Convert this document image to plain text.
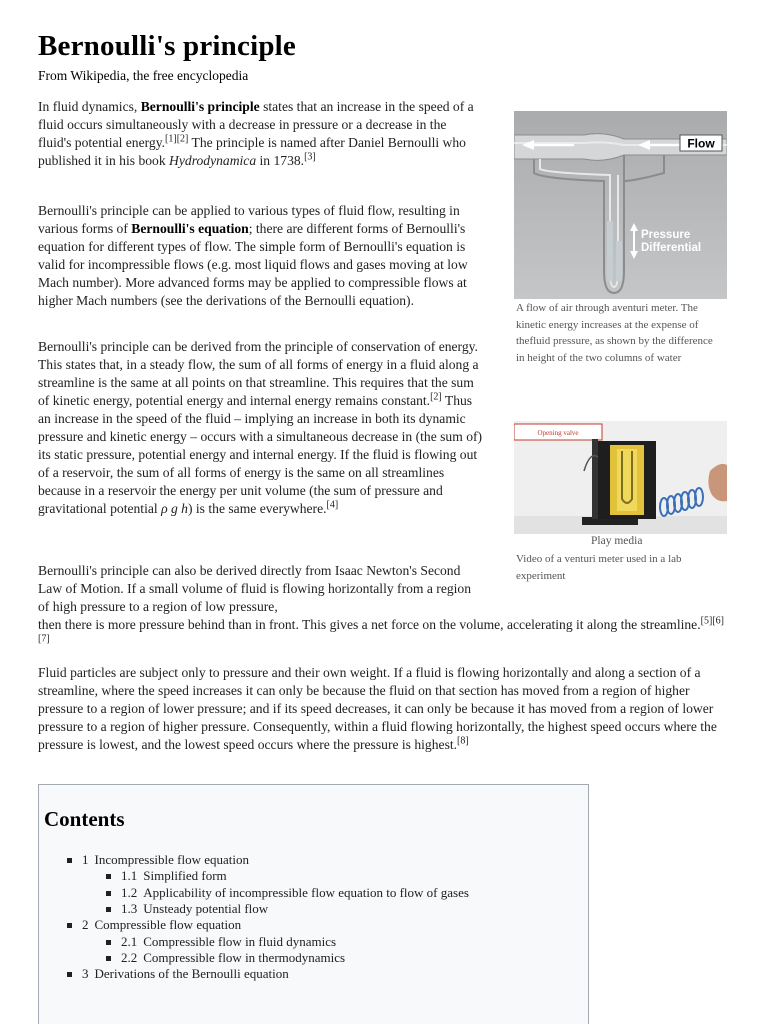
Bernoulli's principle
From Wikipedia, the free encyclopedia

In fluid dynamics, Bernoulli's principle states that an increase in the speed of a fluid occurs simultaneously with a decrease in pressure or a decrease in the fluid's potential energy.[1][2] The principle is named after Daniel Bernoulli who published it in his book Hydrodynamica in 1738.[3]

Bernoulli's principle can be applied to various types of fluid flow, resulting in various forms of Bernoulli's equation; there are different forms of Bernoulli's equation for different types of flow. The simple form of Bernoulli's equation is valid for incompressible flows (e.g. most liquid flows and gases moving at low Mach number). More advanced forms may be applied to compressible flows at higher Mach numbers (see the derivations of the Bernoulli equation).

Bernoulli's principle can be derived from the principle of conservation of energy. This states that, in a steady flow, the sum of all forms of energy in a fluid along a streamline is the same at all points on that streamline. This requires that the sum of kinetic energy, potential energy and internal energy remains constant.[2] Thus an increase in the speed of the fluid – implying an increase in both its dynamic pressure and kinetic energy – occurs with a simultaneous decrease in (the sum of) its static pressure, potential energy and internal energy. If the fluid is flowing out of a reservoir, the sum of all forms of energy is the same on all streamlines because in a reservoir the energy per unit volume (the sum of pressure and gravitational potential ρ g h) is the same everywhere.[4]

Bernoulli's principle can also be derived directly from Isaac Newton's Second Law of Motion. If a small volume of fluid is flowing horizontally from a region of high pressure to a region of low pressure,

then there is more pressure behind than in front. This gives a net force on the volume, accelerating it along the streamline.[5][6][7]

Fluid particles are subject only to pressure and their own weight. If a fluid is flowing horizontally and along a section of a streamline, where the speed increases it can only be because the fluid on that section has moved from a region of higher pressure to a region of lower pressure; and if its speed decreases, it can only be because it has moved from a region of lower pressure to a region of higher pressure. Consequently, within a fluid flowing horizontally, the highest speed occurs where the pressure is lowest, and the lowest speed occurs where the pressure is highest.[8]

Flow
Pressure
Differential
A flow of air through aventuri meter. The kinetic energy increases at the expense of thefluid pressure, as shown by the difference in height of the two columns of water
Opening valve
Play media
Video of a venturi meter used in a lab experiment
Contents
1 Incompressible flow equation
1.1 Simplified form
1.2 Applicability of incompressible flow equation to flow of gases
1.3 Unsteady potential flow
2 Compressible flow equation
2.1 Compressible flow in fluid dynamics
2.2 Compressible flow in thermodynamics
3 Derivations of the Bernoulli equation
